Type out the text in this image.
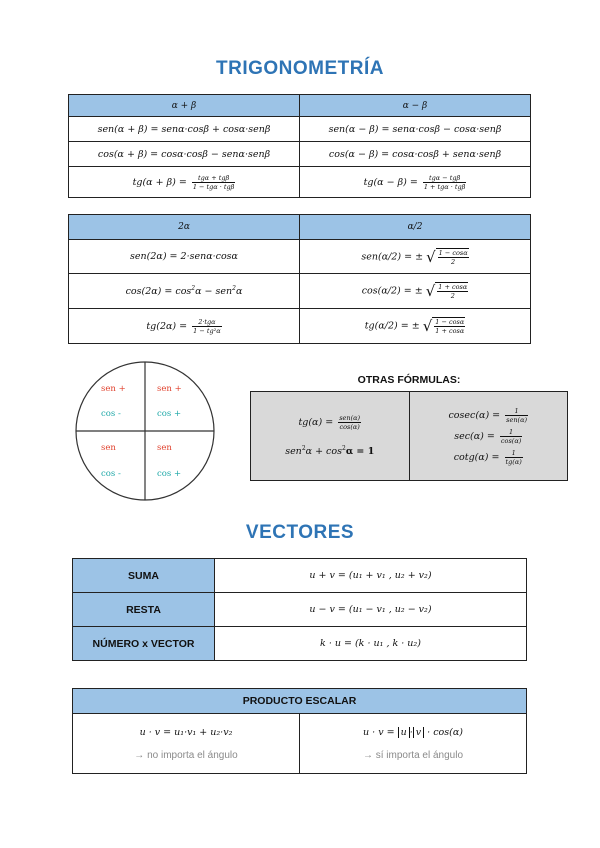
TRIGONOMETRÍA
α + β	α − β
sen(α + β) = senα·cosβ + cosα·senβ	sen(α − β) = senα·cosβ − cosα·senβ
cos(α + β) = cosα·cosβ − senα·senβ	cos(α − β) = cosα·cosβ + senα·senβ
$tg(\alpha + \beta) = \frac{\text{tgα + tgβ}}{\text{1 − tgα · tgβ}}$	$tg(\alpha - \beta) = \frac{\text{tgα − tgβ}}{\text{1 + tgα · tgβ}}$
2α	α/2
sen(2α) = 2·senα·cosα	sen(α/2) = ± √ $\frac{1 - \cos\alpha}{2}$

$\cos(2\alpha) = \cos^2\alpha - sen^2\alpha$	cos(α/2) = ± √ $\frac{1 + \cos\alpha}{2}$

$tg(2\alpha) = \frac{\text{2·tgα}}{\text{1 − tg²α}}$	tg(α/2) = ± √ $\frac{1 - \cos\alpha}{1 + \cos\alpha}$
sen +
cos -
sen +
cos +
sen
cos -
sen
cos +
OTRAS FÓRMULAS:
$tg(\alpha) = \frac{\text{sen(α)}}{\cos(\alpha)}$
$sen^2\alpha + \cos^2\alpha = 1$
$cosec(\alpha) = \frac{1}{\text{sen(α)}}$
$\sec(\alpha) = \frac{1}{\cos(\alpha)}$
$\cot g(\alpha) = \frac{1}{tg(\alpha)}$
VECTORES
SUMA	u + v = (u₁ + v₁ , u₂ + v₂)
RESTA	u − v = (u₁ − v₁ , u₂ − v₂)
NÚMERO x VECTOR	k · u = (k · u₁ , k · u₂)
PRODUCTO ESCALAR

u · v = u₁·v₁ + u₂·v₂
→ no importa el ángulo

u · v = u · v · cos(α)
→ sí importa el ángulo
